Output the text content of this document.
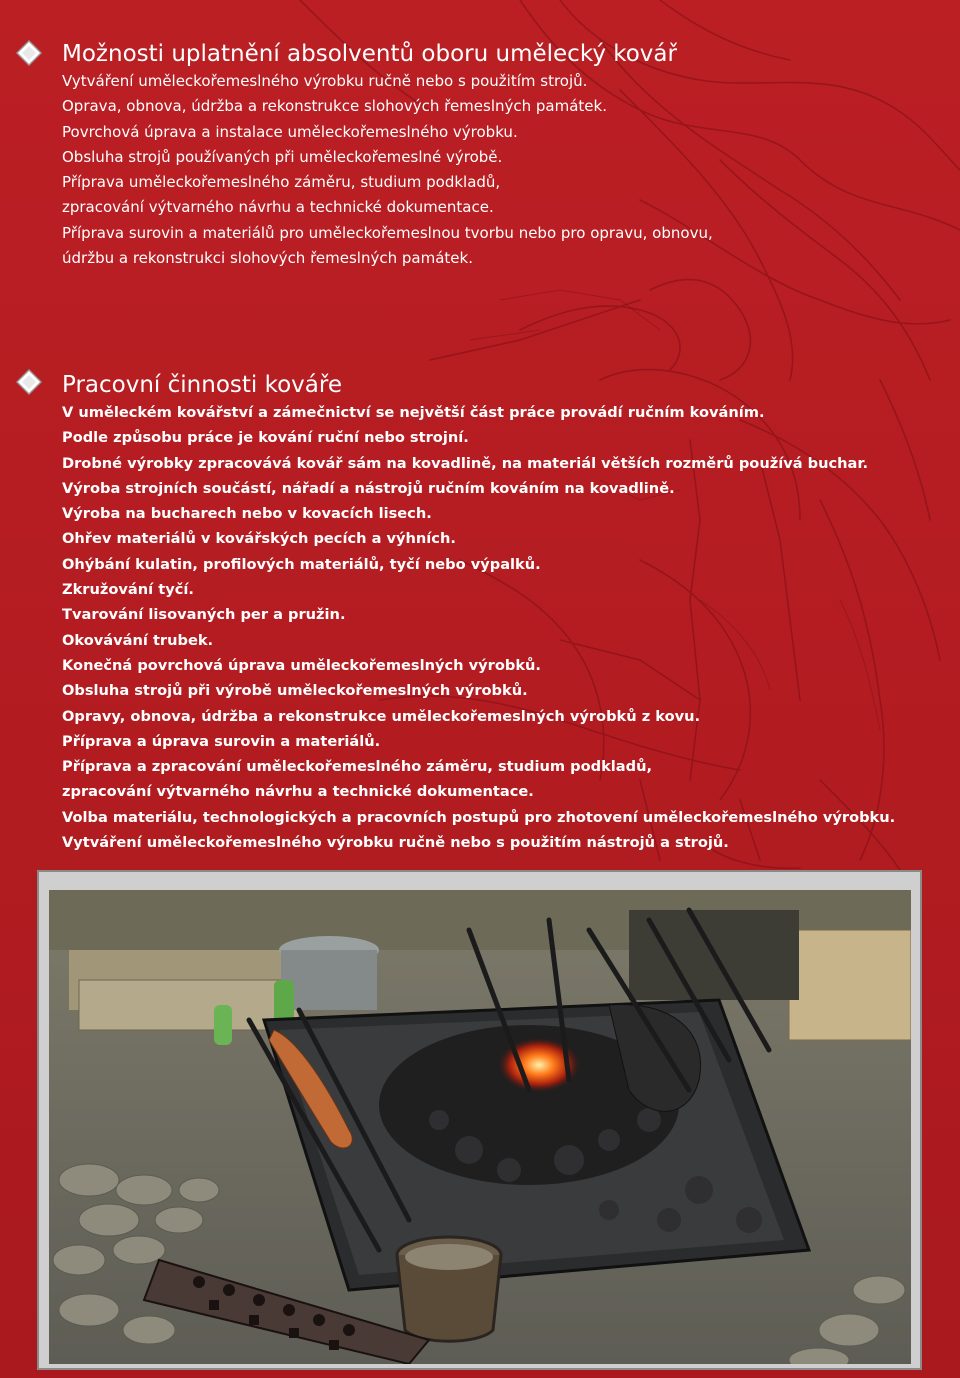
Možnosti uplatnění absolventů oboru umělecký kovář
Vytváření uměleckořemeslného výrobku ručně nebo s použitím strojů.
Oprava, obnova, údržba a rekonstrukce slohových řemeslných památek.
Povrchová úprava a instalace uměleckořemeslného výrobku.
Obsluha strojů používaných při uměleckořemeslné výrobě.
Příprava uměleckořemeslného záměru, studium podkladů,
zpracování výtvarného návrhu a technické dokumentace.
Příprava surovin a materiálů pro uměleckořemeslnou tvorbu nebo pro opravu, obnovu,
údržbu a rekonstrukci slohových řemeslných památek.
Pracovní činnosti kováře
V uměleckém kovářství a zámečnictví se největší část práce provádí ručním kováním.
Podle způsobu práce je kování ruční nebo strojní.
Drobné výrobky zpracovává kovář sám na kovadlině, na materiál větších rozměrů používá buchar.
Výroba strojních součástí, nářadí a nástrojů ručním kováním na kovadlině.
Výroba na bucharech nebo v kovacích lisech.
Ohřev materiálů v kovářských pecích a výhních.
Ohýbání kulatin, profilových materiálů, tyčí nebo výpalků.
Zkružování tyčí.
Tvarování lisovaných per a pružin.
Okovávání trubek.
Konečná povrchová úprava uměleckořemeslných výrobků.
Obsluha strojů při výrobě uměleckořemeslných výrobků.
Opravy, obnova, údržba a rekonstrukce uměleckořemeslných výrobků z kovu.
Příprava a úprava surovin a materiálů.
Příprava a zpracování uměleckořemeslného záměru, studium podkladů,
zpracování výtvarného návrhu a technické dokumentace.
Volba materiálu, technologických a pracovních postupů pro zhotovení uměleckořemeslného výrobku.
Vytváření uměleckořemeslného výrobku ručně nebo s použitím nástrojů a strojů.
